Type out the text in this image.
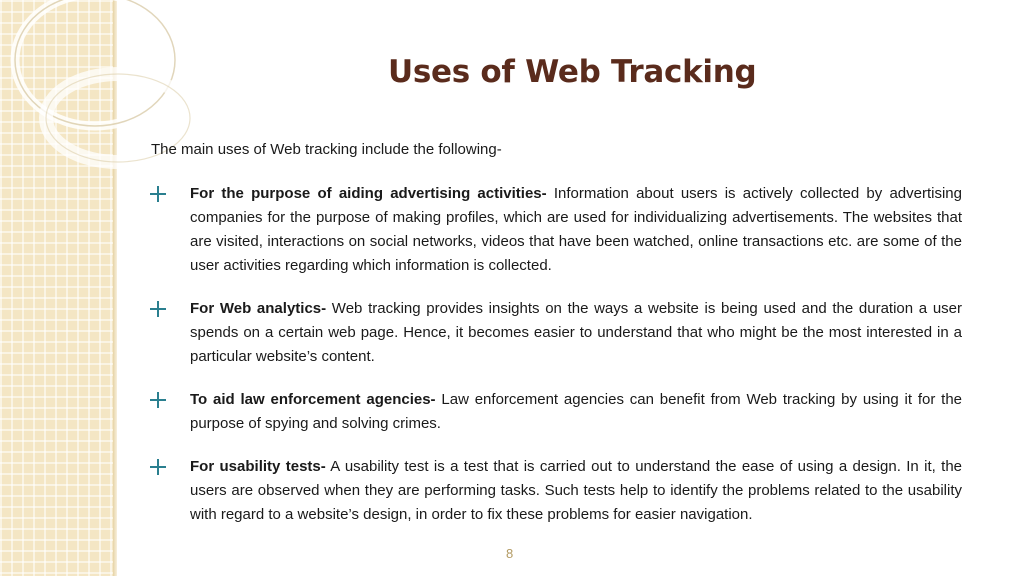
Uses of Web Tracking

The main uses of Web tracking include the following-

For the purpose of aiding advertising activities- Information about users is actively collected by advertising companies for the purpose of making profiles, which are used for individualizing advertisements. The websites that are visited, interactions on social networks, videos that have been watched, online transactions etc. are some of the user activities regarding which information is collected.
For Web analytics- Web tracking provides insights on the ways a website is being used and the duration a user spends on a certain web page. Hence, it becomes easier to understand that who might be the most interested in a particular website’s content.
To aid law enforcement agencies- Law enforcement agencies can benefit from Web tracking by using it for the purpose of spying and solving crimes.
For usability tests- A usability test is a test that is carried out to understand the ease of using a design. In it, the users are observed when they are performing tasks. Such tests help to identify the problems related to the usability with regard to a website’s design, in order to fix these problems for easier navigation.
8
